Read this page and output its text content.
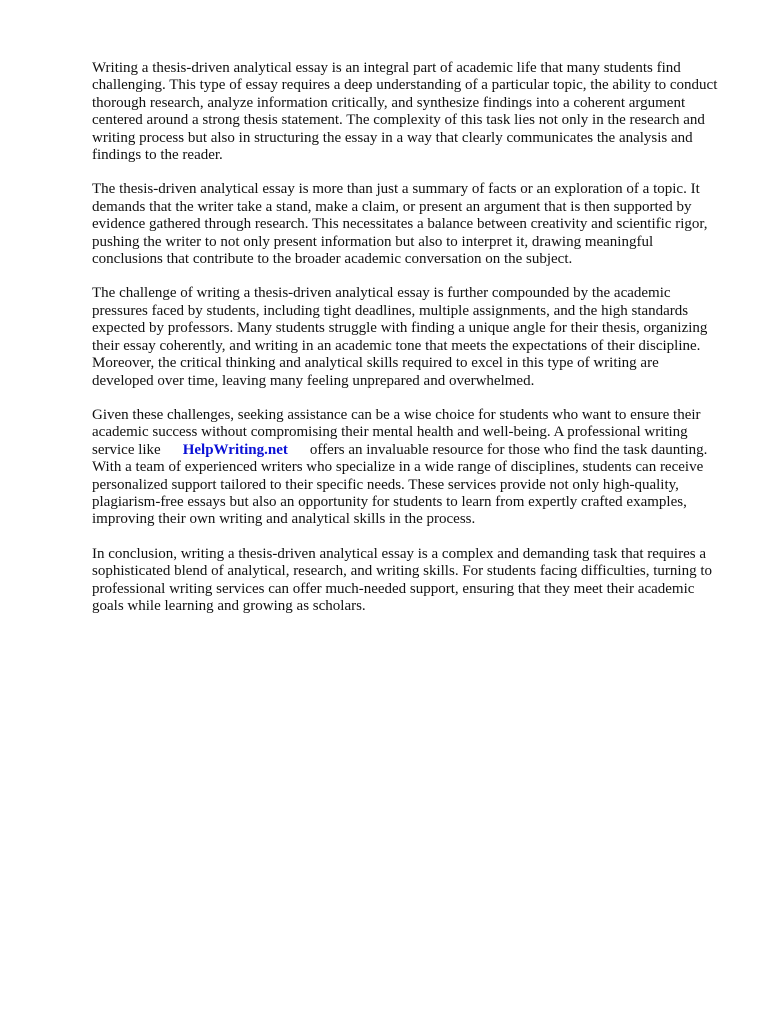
Writing a thesis-driven analytical essay is an integral part of academic life that many students find challenging. This type of essay requires a deep understanding of a particular topic, the ability to conduct thorough research, analyze information critically, and synthesize findings into a coherent argument centered around a strong thesis statement. The complexity of this task lies not only in the research and writing process but also in structuring the essay in a way that clearly communicates the analysis and findings to the reader.

The thesis-driven analytical essay is more than just a summary of facts or an exploration of a topic. It demands that the writer take a stand, make a claim, or present an argument that is then supported by evidence gathered through research. This necessitates a balance between creativity and scientific rigor, pushing the writer to not only present information but also to interpret it, drawing meaningful conclusions that contribute to the broader academic conversation on the subject.

The challenge of writing a thesis-driven analytical essay is further compounded by the academic pressures faced by students, including tight deadlines, multiple assignments, and the high standards expected by professors. Many students struggle with finding a unique angle for their thesis, organizing their essay coherently, and writing in an academic tone that meets the expectations of their discipline. Moreover, the critical thinking and analytical skills required to excel in this type of writing are developed over time, leaving many feeling unprepared and overwhelmed.

Given these challenges, seeking assistance can be a wise choice for students who want to ensure their academic success without compromising their mental health and well-being. A professional writing service like HelpWriting.net offers an invaluable resource for those who find the task daunting. With a team of experienced writers who specialize in a wide range of disciplines, students can receive personalized support tailored to their specific needs. These services provide not only high-quality, plagiarism-free essays but also an opportunity for students to learn from expertly crafted examples, improving their own writing and analytical skills in the process.

In conclusion, writing a thesis-driven analytical essay is a complex and demanding task that requires a sophisticated blend of analytical, research, and writing skills. For students facing difficulties, turning to professional writing services can offer much-needed support, ensuring that they meet their academic goals while learning and growing as scholars.
